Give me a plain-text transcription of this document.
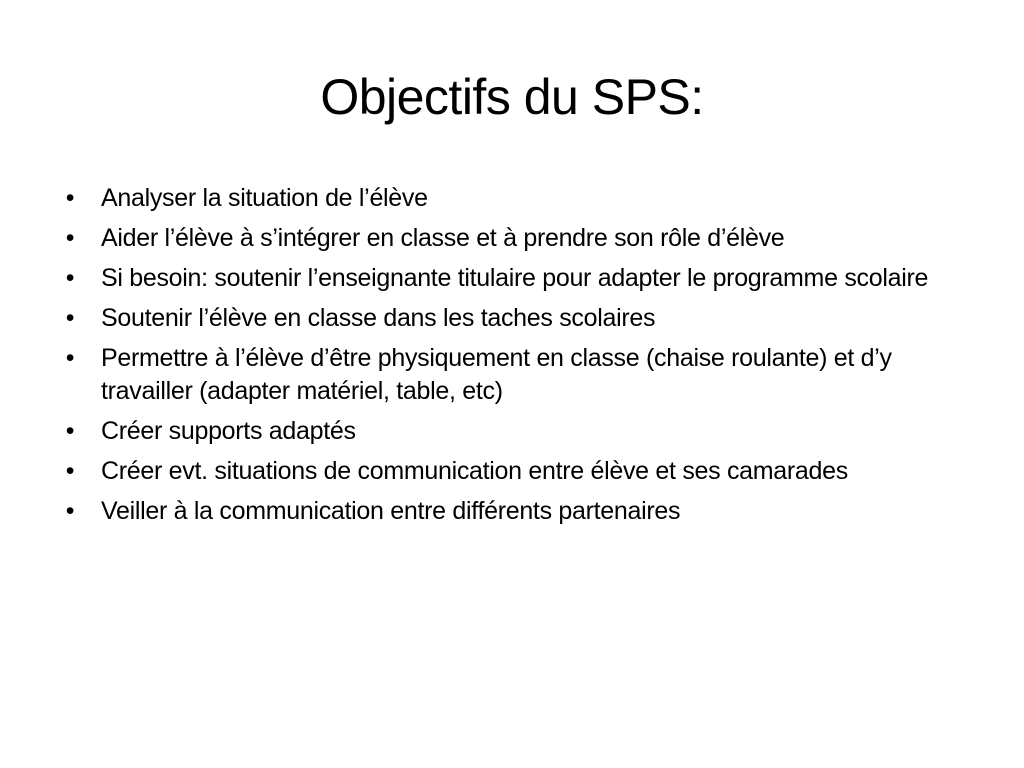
Objectifs du SPS:
• Analyser la situation de l’élève
• Aider l’élève à s’intégrer en classe et à prendre son rôle d’élève
• Si besoin: soutenir l’enseignante titulaire pour adapter le programme scolaire
• Soutenir l’élève en classe dans les taches scolaires
• Permettre à l’élève d’être physiquement en classe (chaise roulante) et d’y travailler (adapter matériel, table, etc)
• Créer supports adaptés
• Créer evt. situations de communication entre élève et ses camarades
• Veiller à la communication entre différents partenaires
